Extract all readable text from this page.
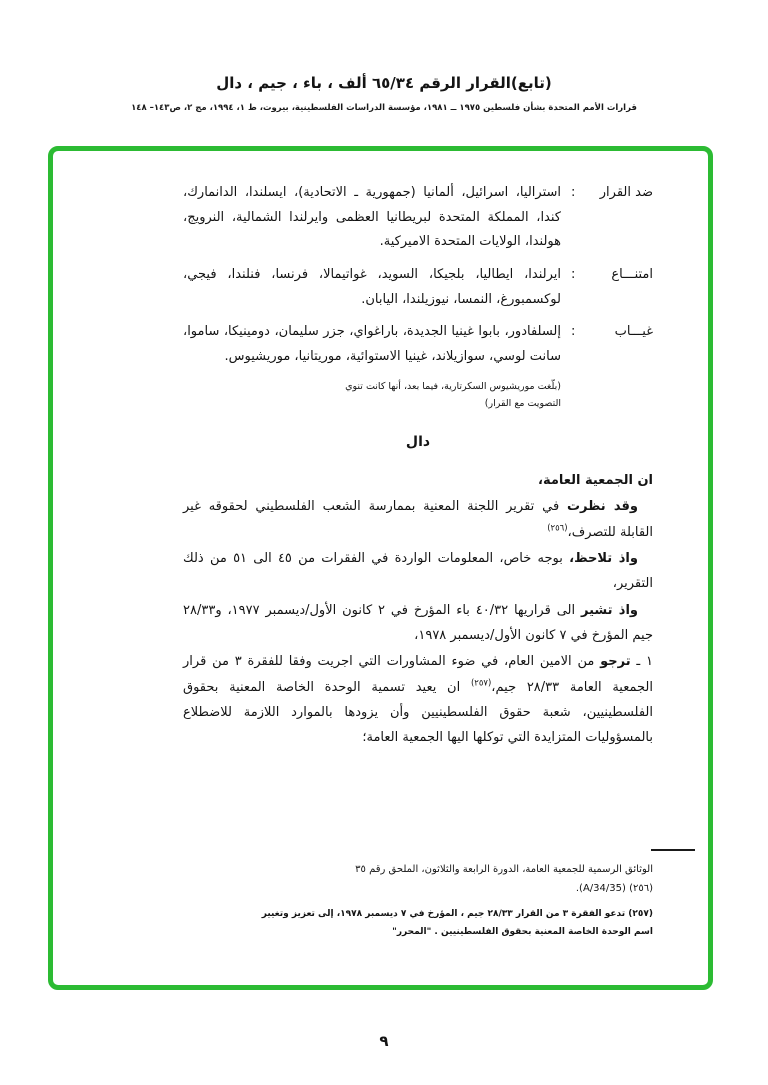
(تابع)القرار الرقم ٦٥/٣٤ ألف ، باء ، جيم ، دال
قرارات الأمم المتحدة بشأن فلسطين ١٩٧٥ ــ ١٩٨١، مؤسسة الدراسات الفلسطينية، بيروت، ط ١، ١٩٩٤، مج ٢، ص١٤٣– ١٤٨
ضد القرار
:
استراليا، اسرائيل، ألمانيا (جمهورية ـ الاتحادية)، ايسلندا، الدانمارك، كندا، المملكة المتحدة لبريطانيا العظمى وايرلندا الشمالية، النرويج، هولندا، الولايات المتحدة الاميركية.
امتنـــاع
:
ايرلندا، ايطاليا، بلجيكا، السويد، غواتيمالا، فرنسا، فنلندا، فيجي، لوكسمبورغ، النمسا، نيوزيلندا، اليابان.
غيـــاب
:
إلسلفادور، بابوا غينيا الجديدة، باراغواي، جزر سليمان، دومينيكا، ساموا، سانت لوسي، سوازيلاند، غينيا الاستوائية، موريتانيا، موريشيوس.
(بلّغت موريشيوس السكرتارية، فيما بعد، أنها كانت تنوي التصويت مع القرار)
دال

ان الجمعية العامة،

وقد نظرت في تقرير اللجنة المعنية بممارسة الشعب الفلسطيني لحقوقه غير القابلة للتصرف،$^{(٢٥٦)}$

واذ تلاحظ، بوجه خاص، المعلومات الواردة في الفقرات من ٤٥ الى ٥١ من ذلك التقرير،

واذ تشير الى قراريها ٤٠/٣٢ باء المؤرخ في ٢ كانون الأول/ديسمبر ١٩٧٧، و٢٨/٣٣ جيم المؤرخ في ٧ كانون الأول/ديسمبر ١٩٧٨،

١ ـ ترجو من الامين العام، في ضوء المشاورات التي اجريت وفقا للفقرة ٣ من قرار الجمعية العامة ٢٨/٣٣ جيم،$^{(٢٥٧)}$ ان يعيد تسمية الوحدة الخاصة المعنية بحقوق الفلسطينيين، شعبة حقوق الفلسطينيين وأن يزودها بالموارد اللازمة للاضطلاع بالمسؤوليات المتزايدة التي توكلها اليها الجمعية العامة؛

الوثائق الرسمية للجمعية العامة، الدورة الرابعة والثلاثون، الملحق رقم ٣٥
(٢٥٦) (A/34/35).
(٢٥٧) تدعو الفقرة ٣ من القرار ٢٨/٣٣ جيم ، المؤرخ في ٧ ديسمبر ١٩٧٨، إلى تعزيز وتغيير
اسم الوحدة الخاصة المعنية بحقوق الفلسطينيين . "المحرر"
٩
